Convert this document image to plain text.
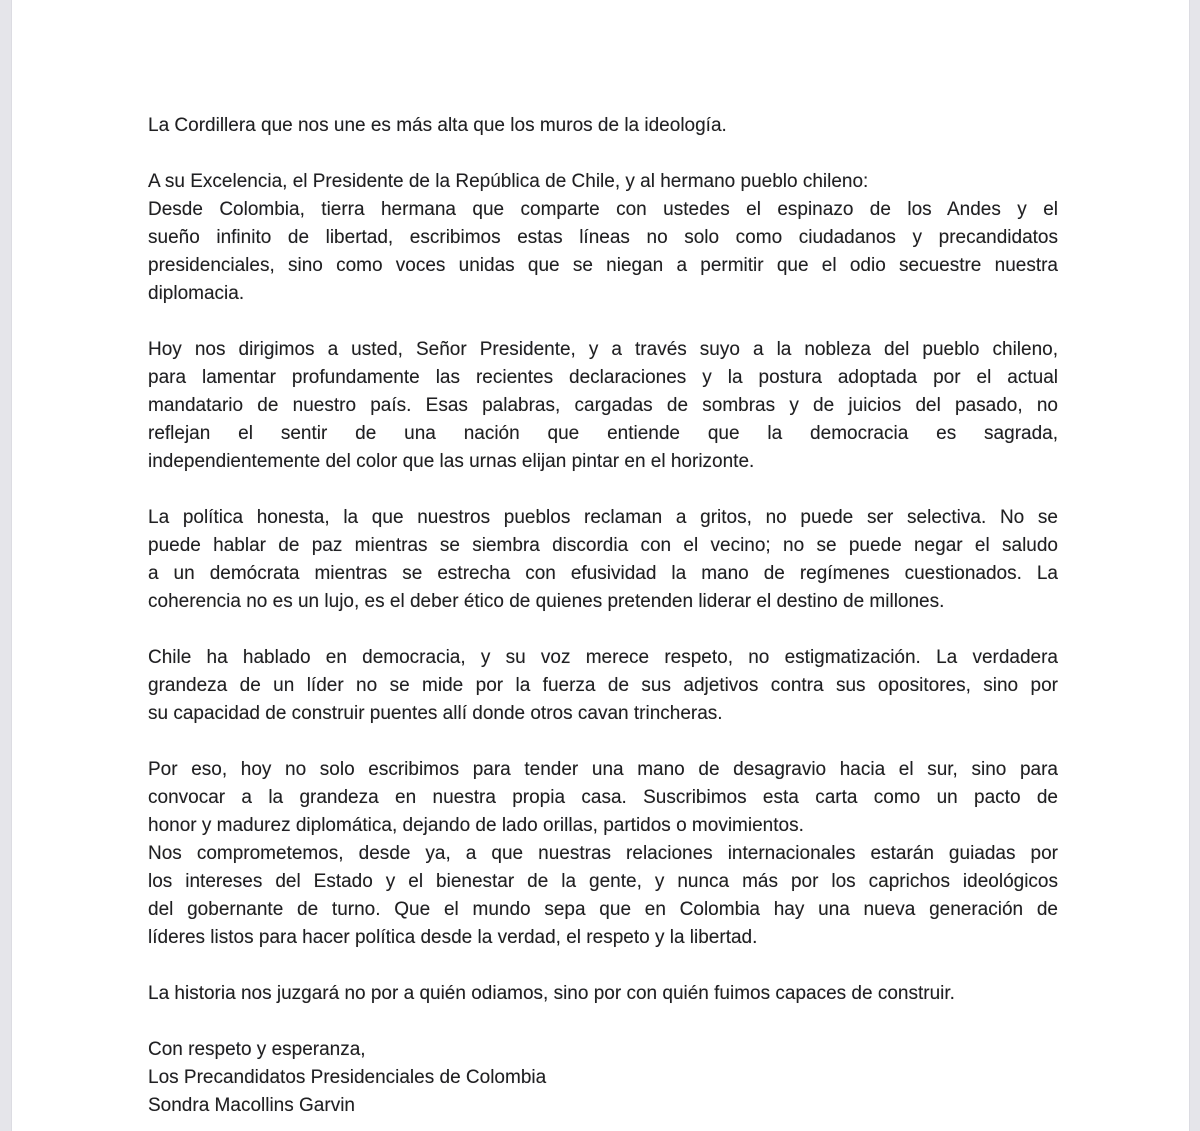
La Cordillera que nos une es más alta que los muros de la ideología.
A su Excelencia, el Presidente de la República de Chile, y al hermano pueblo chileno:
Desde Colombia, tierra hermana que comparte con ustedes el espinazo de los Andes y el
sueño infinito de libertad, escribimos estas líneas no solo como ciudadanos y precandidatos
presidenciales, sino como voces unidas que se niegan a permitir que el odio secuestre nuestra
diplomacia.
Hoy nos dirigimos a usted, Señor Presidente, y a través suyo a la nobleza del pueblo chileno,
para lamentar profundamente las recientes declaraciones y la postura adoptada por el actual
mandatario de nuestro país. Esas palabras, cargadas de sombras y de juicios del pasado, no
reflejan el sentir de una nación que entiende que la democracia es sagrada,
independientemente del color que las urnas elijan pintar en el horizonte.
La política honesta, la que nuestros pueblos reclaman a gritos, no puede ser selectiva. No se
puede hablar de paz mientras se siembra discordia con el vecino; no se puede negar el saludo
a un demócrata mientras se estrecha con efusividad la mano de regímenes cuestionados. La
coherencia no es un lujo, es el deber ético de quienes pretenden liderar el destino de millones.
Chile ha hablado en democracia, y su voz merece respeto, no estigmatización. La verdadera
grandeza de un líder no se mide por la fuerza de sus adjetivos contra sus opositores, sino por
su capacidad de construir puentes allí donde otros cavan trincheras.
Por eso, hoy no solo escribimos para tender una mano de desagravio hacia el sur, sino para
convocar a la grandeza en nuestra propia casa. Suscribimos esta carta como un pacto de
honor y madurez diplomática, dejando de lado orillas, partidos o movimientos.
Nos comprometemos, desde ya, a que nuestras relaciones internacionales estarán guiadas por
los intereses del Estado y el bienestar de la gente, y nunca más por los caprichos ideológicos
del gobernante de turno. Que el mundo sepa que en Colombia hay una nueva generación de
líderes listos para hacer política desde la verdad, el respeto y la libertad.
La historia nos juzgará no por a quién odiamos, sino por con quién fuimos capaces de construir.
Con respeto y esperanza,
Los Precandidatos Presidenciales de Colombia
Sondra Macollins Garvin
